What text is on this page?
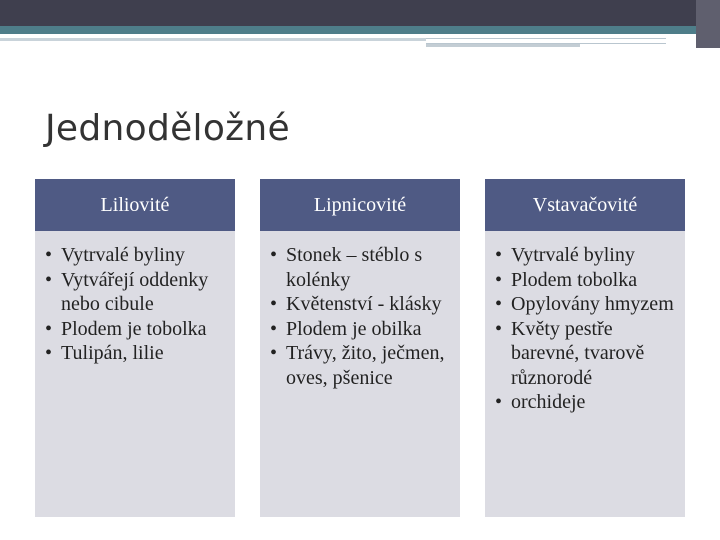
Jednoděložné
Liliovité
• Vytrvalé byliny
• Vytvářejí oddenky nebo cibule
• Plodem je tobolka
• Tulipán, lilie
Lipnicovité
• Stonek – stéblo s kolénky
• Květenství - klásky
• Plodem je obilka
• Trávy, žito, ječmen, oves, pšenice
Vstavačovité
• Vytrvalé byliny
• Plodem tobolka
• Opylovány hmyzem
• Květy pestře barevné, tvarově různorodé
• orchideje
